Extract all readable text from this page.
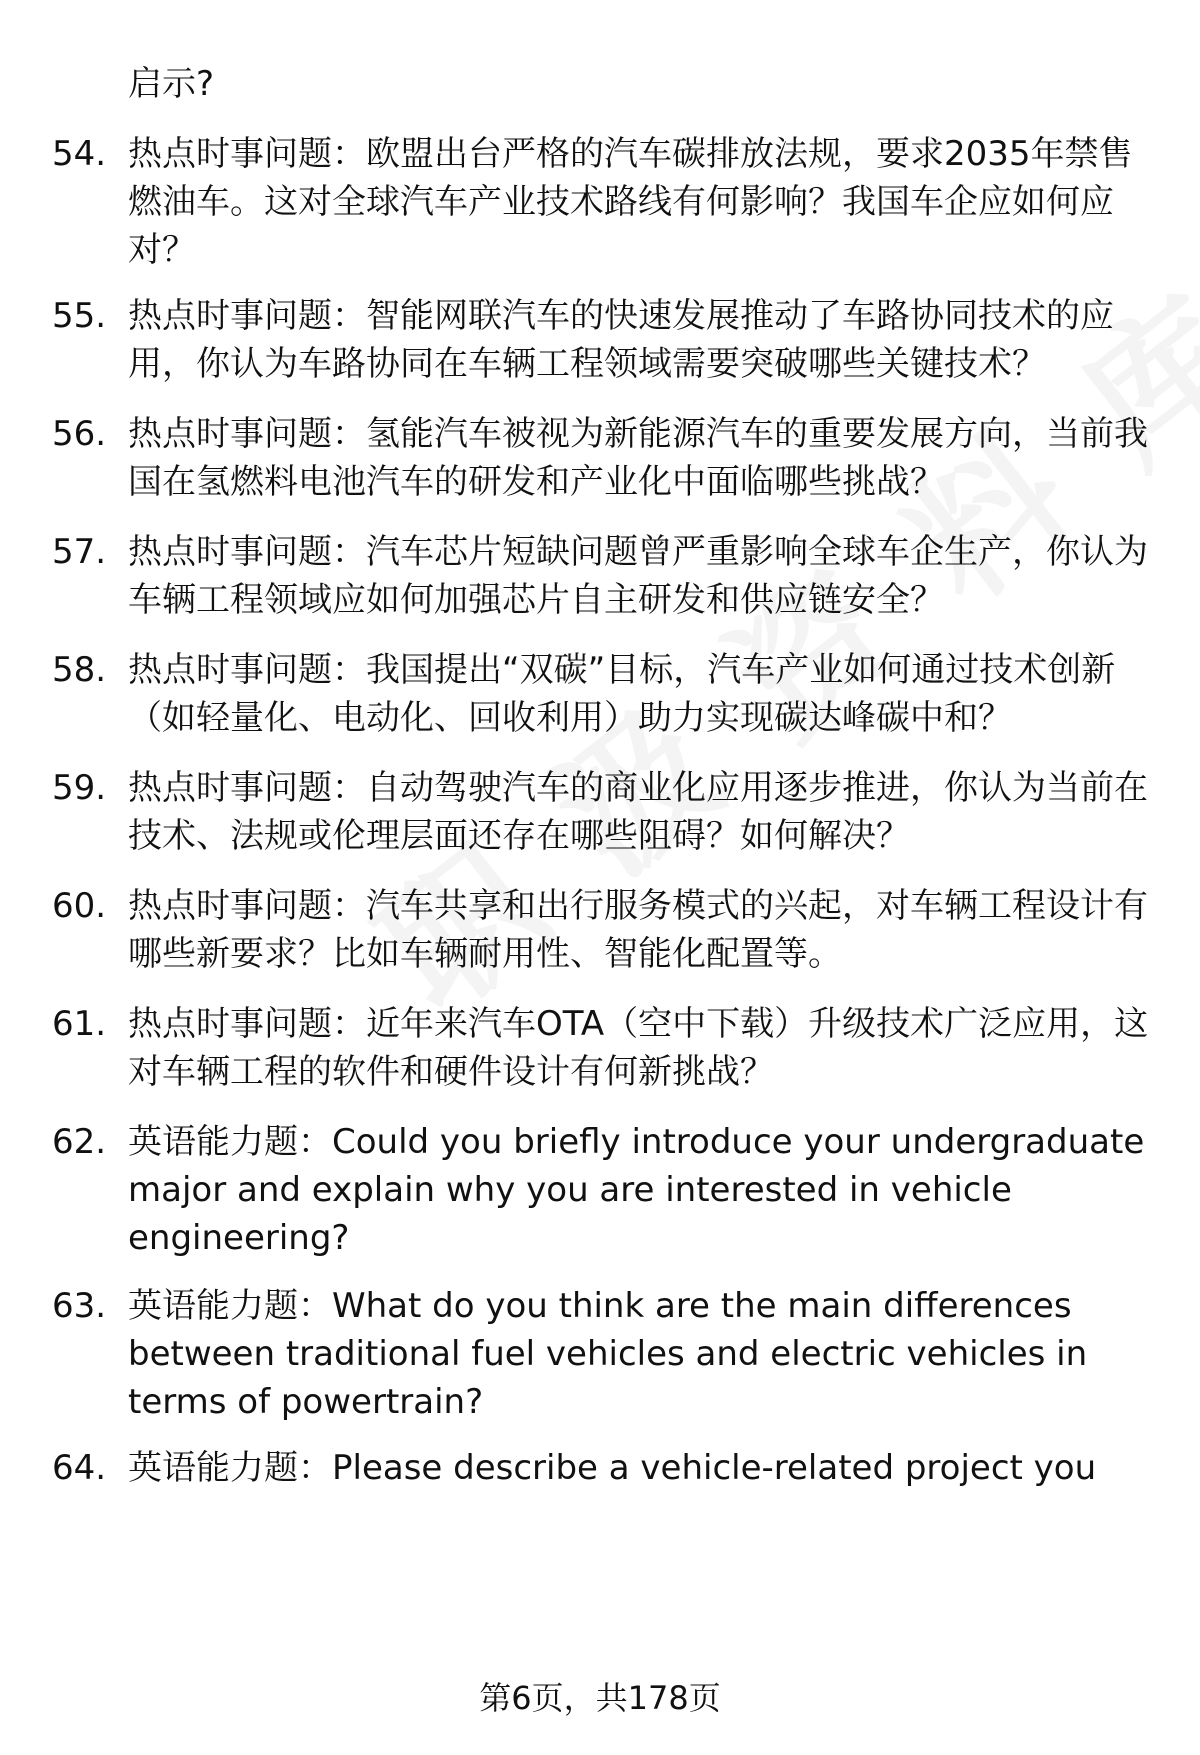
启示?
54. 热点时事问题：欧盟出台严格的汽车碳排放法规，要求2035年禁售燃油车。这对全球汽车产业技术路线有何影响？我国车企应如何应对？
55. 热点时事问题：智能网联汽车的快速发展推动了车路协同技术的应用，你认为车路协同在车辆工程领域需要突破哪些关键技术？
56. 热点时事问题：氢能汽车被视为新能源汽车的重要发展方向，当前我国在氢燃料电池汽车的研发和产业化中面临哪些挑战？
57. 热点时事问题：汽车芯片短缺问题曾严重影响全球车企生产，你认为车辆工程领域应如何加强芯片自主研发和供应链安全？
58. 热点时事问题：我国提出“双碳”目标，汽车产业如何通过技术创新（如轻量化、电动化、回收利用）助力实现碳达峰碳中和？
59. 热点时事问题：自动驾驶汽车的商业化应用逐步推进，你认为当前在技术、法规或伦理层面还存在哪些阻碍？如何解决？
60. 热点时事问题：汽车共享和出行服务模式的兴起，对车辆工程设计有哪些新要求？比如车辆耐用性、智能化配置等。
61. 热点时事问题：近年来汽车OTA（空中下载）升级技术广泛应用，这对车辆工程的软件和硬件设计有何新挑战？
62. 英语能力题：Could you briefly introduce your undergraduate major and explain why you are interested in vehicle engineering?
63. 英语能力题：What do you think are the main differences between traditional fuel vehicles and electric vehicles in terms of powertrain?
64. 英语能力题：Please describe a vehicle-related project you
第6页，共178页
